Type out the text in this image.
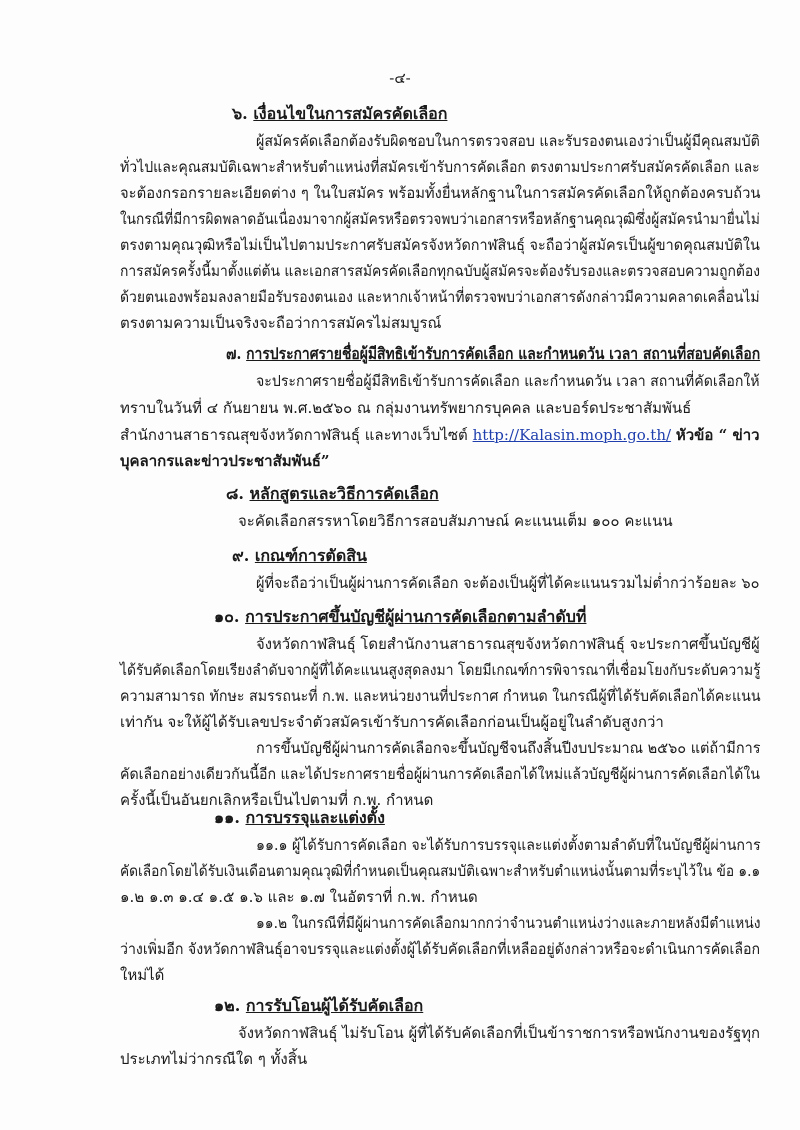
-๔-
๖. เงื่อนไขในการสมัครคัดเลือก
ผู้สมัครคัดเลือกต้องรับผิดชอบในการตรวจสอบ และรับรองตนเองว่าเป็นผู้มีคุณสมบัติ
ทั่วไปและคุณสมบัติเฉพาะสำหรับตำแหน่งที่สมัครเข้ารับการคัดเลือก ตรงตามประกาศรับสมัครคัดเลือก และ
จะต้องกรอกรายละเอียดต่าง ๆ ในใบสมัคร พร้อมทั้งยื่นหลักฐานในการสมัครคัดเลือกให้ถูกต้องครบถ้วน
ในกรณีที่มีการผิดพลาดอันเนื่องมาจากผู้สมัครหรือตรวจพบว่าเอกสารหรือหลักฐานคุณวุฒิซึ่งผู้สมัครนำมายื่นไม่
ตรงตามคุณวุฒิหรือไม่เป็นไปตามประกาศรับสมัครจังหวัดกาฬสินธุ์ จะถือว่าผู้สมัครเป็นผู้ขาดคุณสมบัติใน
การสมัครครั้งนี้มาตั้งแต่ต้น และเอกสารสมัครคัดเลือกทุกฉบับผู้สมัครจะต้องรับรองและตรวจสอบความถูกต้อง
ด้วยตนเองพร้อมลงลายมือรับรองตนเอง และหากเจ้าหน้าที่ตรวจพบว่าเอกสารดังกล่าวมีความคลาดเคลื่อนไม่
ตรงตามความเป็นจริงจะถือว่าการสมัครไม่สมบูรณ์
๗. การประกาศรายชื่อผู้มีสิทธิเข้ารับการคัดเลือก และกำหนดวัน เวลา สถานที่สอบคัดเลือก
จะประกาศรายชื่อผู้มีสิทธิเข้ารับการคัดเลือก และกำหนดวัน เวลา สถานที่คัดเลือกให้
ทราบในวันที่ ๔ กันยายน พ.ศ.๒๕๖๐ ณ กลุ่มงานทรัพยากรบุคคล และบอร์ดประชาสัมพันธ์
สำนักงานสาธารณสุขจังหวัดกาฬสินธุ์ และทางเว็บไซต์ http://Kalasin.moph.go.th/ หัวข้อ “ ข่าว
บุคลากรและข่าวประชาสัมพันธ์”
๘. หลักสูตรและวิธีการคัดเลือก
จะคัดเลือกสรรหาโดยวิธีการสอบสัมภาษณ์ คะแนนเต็ม ๑๐๐ คะแนน
๙. เกณฑ์การตัดสิน
ผู้ที่จะถือว่าเป็นผู้ผ่านการคัดเลือก จะต้องเป็นผู้ที่ได้คะแนนรวมไม่ต่ำกว่าร้อยละ ๖๐
๑๐. การประกาศขึ้นบัญชีผู้ผ่านการคัดเลือกตามลำดับที่
จังหวัดกาฬสินธุ์ โดยสำนักงานสาธารณสุขจังหวัดกาฬสินธุ์ จะประกาศขึ้นบัญชีผู้
ได้รับคัดเลือกโดยเรียงลำดับจากผู้ที่ได้คะแนนสูงสุดลงมา โดยมีเกณฑ์การพิจารณาที่เชื่อมโยงกับระดับความรู้
ความสามารถ ทักษะ สมรรถนะที่ ก.พ. และหน่วยงานที่ประกาศ กำหนด ในกรณีผู้ที่ได้รับคัดเลือกได้คะแนน
เท่ากัน จะให้ผู้ได้รับเลขประจำตัวสมัครเข้ารับการคัดเลือกก่อนเป็นผู้อยู่ในลำดับสูงกว่า
การขึ้นบัญชีผู้ผ่านการคัดเลือกจะขึ้นบัญชีจนถึงสิ้นปีงบประมาณ ๒๕๖๐ แต่ถ้ามีการ
คัดเลือกอย่างเดียวกันนี้อีก และได้ประกาศรายชื่อผู้ผ่านการคัดเลือกได้ใหม่แล้วบัญชีผู้ผ่านการคัดเลือกได้ใน
ครั้งนี้เป็นอันยกเลิกหรือเป็นไปตามที่ ก.พ. กำหนด
๑๑. การบรรจุและแต่งตั้ง
๑๑.๑ ผู้ได้รับการคัดเลือก จะได้รับการบรรจุและแต่งตั้งตามลำดับที่ในบัญชีผู้ผ่านการ
คัดเลือกโดยได้รับเงินเดือนตามคุณวุฒิที่กำหนดเป็นคุณสมบัติเฉพาะสำหรับตำแหน่งนั้นตามที่ระบุไว้ใน ข้อ ๑.๑
๑.๒ ๑.๓ ๑.๔ ๑.๕ ๑.๖ และ ๑.๗ ในอัตราที่ ก.พ. กำหนด
๑๑.๒ ในกรณีที่มีผู้ผ่านการคัดเลือกมากกว่าจำนวนตำแหน่งว่างและภายหลังมีตำแหน่ง
ว่างเพิ่มอีก จังหวัดกาฬสินธุ์อาจบรรจุและแต่งตั้งผู้ได้รับคัดเลือกที่เหลืออยู่ดังกล่าวหรือจะดำเนินการคัดเลือก
ใหม่ได้
๑๒. การรับโอนผู้ได้รับคัดเลือก
จังหวัดกาฬสินธุ์ ไม่รับโอน ผู้ที่ได้รับคัดเลือกที่เป็นข้าราชการหรือพนักงานของรัฐทุก
ประเภทไม่ว่ากรณีใด ๆ ทั้งสิ้น
